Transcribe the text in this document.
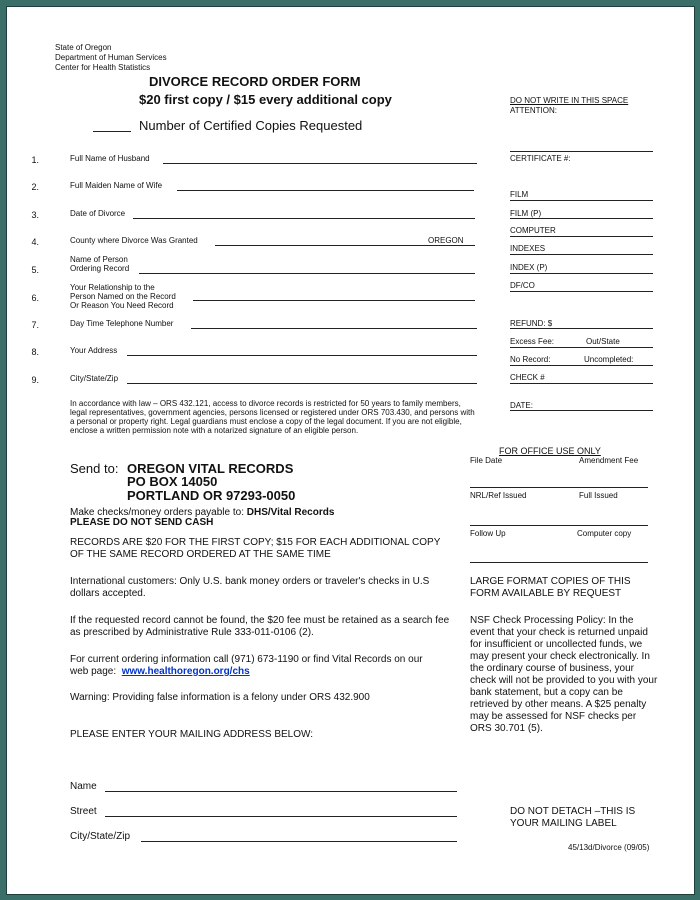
State of Oregon
Department of Human Services
Center for Health Statistics
DIVORCE RECORD ORDER FORM
$20 first copy / $15 every additional copy
Number of Certified Copies Requested
DO NOT WRITE IN THIS SPACE
ATTENTION:
CERTIFICATE #:
FILM
FILM (P)
COMPUTER
INDEXES
INDEX (P)
DF/CO
REFUND: $
Excess Fee:	Out/State
No Record:	Uncompleted:
CHECK #
DATE:
1.	Full Name of Husband
2.	Full Maiden Name of Wife
3.	Date of Divorce
4.	County where Divorce Was Granted	OREGON
Name of Person
5.	Ordering Record
Your Relationship to the
6.	Person Named on the Record
Or Reason You Need Record
7.	Day Time Telephone Number
8.	Your Address
9.	City/State/Zip
In accordance with law – ORS 432.121, access to divorce records is restricted for 50 years to family members, legal representatives, government agencies, persons licensed or registered under ORS 703.430, and persons with a personal or property right. Legal guardians must enclose a copy of the legal document. If you are not eligible, enclose a written permission note with a notarized signature of an eligible person.
FOR OFFICE USE ONLY
File Date	Amendment Fee
NRL/Ref Issued	Full Issued
Follow Up	Computer copy
Send to: OREGON VITAL RECORDS
PO BOX 14050
PORTLAND OR 97293-0050
Make checks/money orders payable to: DHS/Vital Records
PLEASE DO NOT SEND CASH
RECORDS ARE $20 FOR THE FIRST COPY; $15 FOR EACH ADDITIONAL COPY OF THE SAME RECORD ORDERED AT THE SAME TIME
International customers: Only U.S. bank money orders or traveler's checks in U.S dollars accepted.
If the requested record cannot be found, the $20 fee must be retained as a search fee as prescribed by Administrative Rule 333-011-0106 (2).
For current ordering information call (971) 673-1190 or find Vital Records on our web page: www.healthoregon.org/chs
Warning: Providing false information is a felony under ORS 432.900
PLEASE ENTER YOUR MAILING ADDRESS BELOW:
LARGE FORMAT COPIES OF THIS FORM AVAILABLE BY REQUEST
NSF Check Processing Policy: In the event that your check is returned unpaid for insufficient or uncollected funds, we may present your check electronically. In the ordinary course of business, your check will not be provided to you with your bank statement, but a copy can be retrieved by other means. A $25 penalty may be assessed for NSF checks per ORS 30.701 (5).
Name
Street
City/State/Zip
DO NOT DETACH –THIS IS
YOUR MAILING LABEL
45/13d/Divorce (09/05)
